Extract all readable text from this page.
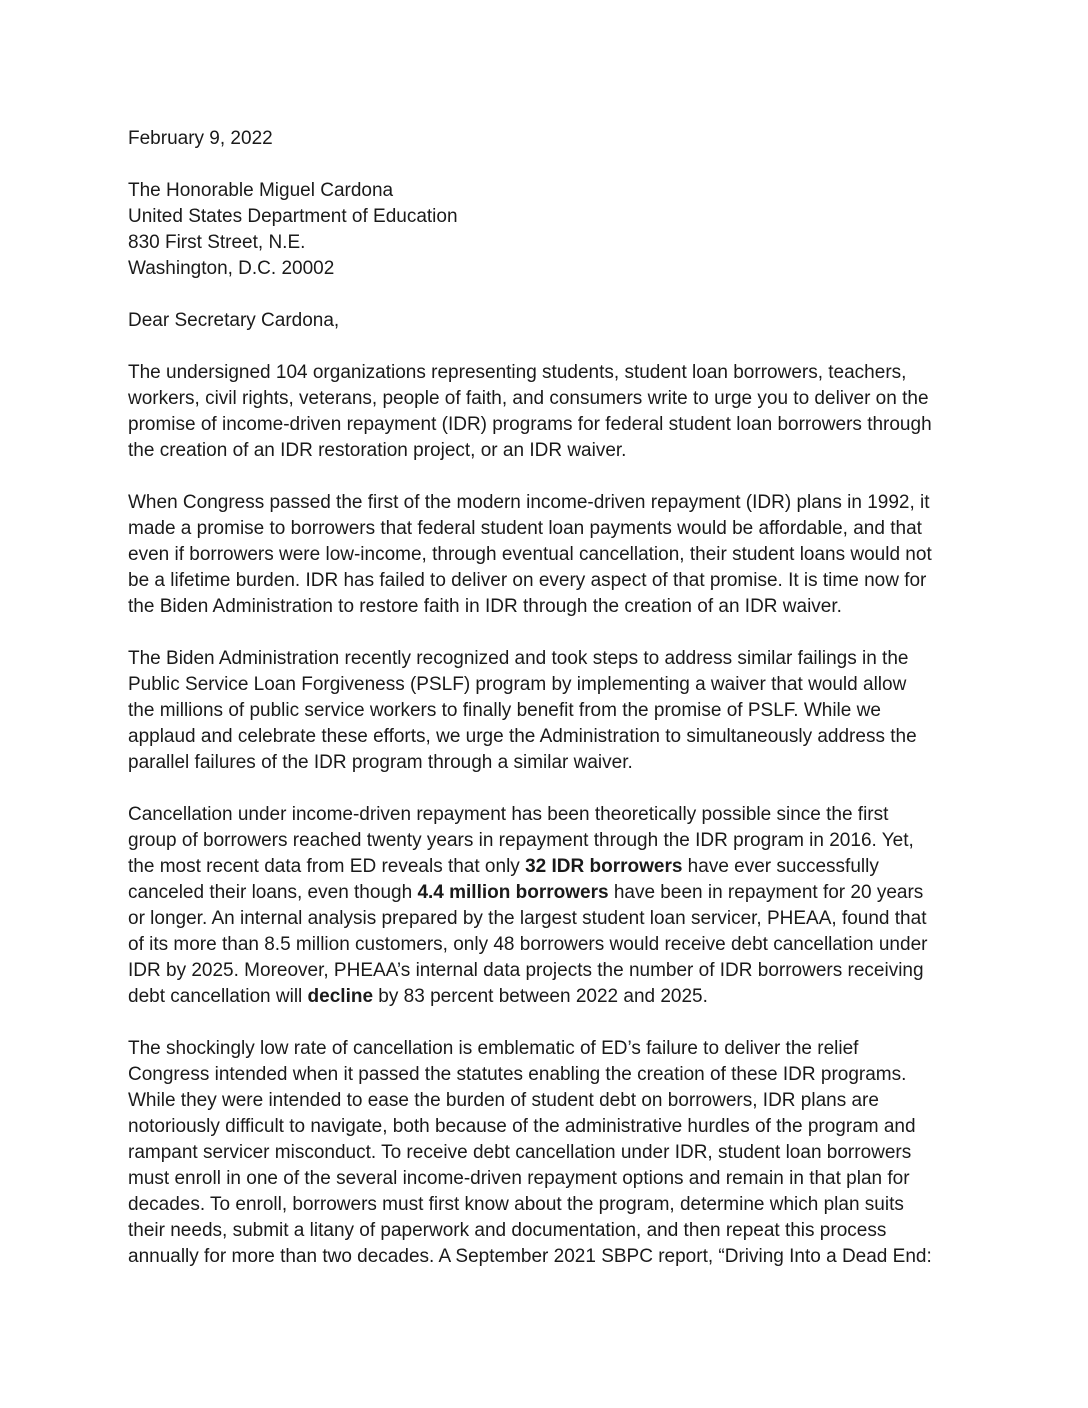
February 9, 2022
The Honorable Miguel Cardona
United States Department of Education
830 First Street, N.E.
Washington, D.C. 20002
Dear Secretary Cardona,
The undersigned 104 organizations representing students, student loan borrowers, teachers,
workers, civil rights, veterans, people of faith, and consumers write to urge you to deliver on the
promise of income-driven repayment (IDR) programs for federal student loan borrowers through
the creation of an IDR restoration project, or an IDR waiver.
When Congress passed the first of the modern income-driven repayment (IDR) plans in 1992, it
made a promise to borrowers that federal student loan payments would be affordable, and that
even if borrowers were low-income, through eventual cancellation, their student loans would not
be a lifetime burden. IDR has failed to deliver on every aspect of that promise. It is time now for
the Biden Administration to restore faith in IDR through the creation of an IDR waiver.
The Biden Administration recently recognized and took steps to address similar failings in the
Public Service Loan Forgiveness (PSLF) program by implementing a waiver that would allow
the millions of public service workers to finally benefit from the promise of PSLF. While we
applaud and celebrate these efforts, we urge the Administration to simultaneously address the
parallel failures of the IDR program through a similar waiver.
Cancellation under income-driven repayment has been theoretically possible since the first
group of borrowers reached twenty years in repayment through the IDR program in 2016. Yet,
the most recent data from ED reveals that only 32 IDR borrowers have ever successfully
canceled their loans, even though 4.4 million borrowers have been in repayment for 20 years
or longer. An internal analysis prepared by the largest student loan servicer, PHEAA, found that
of its more than 8.5 million customers, only 48 borrowers would receive debt cancellation under
IDR by 2025. Moreover, PHEAA’s internal data projects the number of IDR borrowers receiving
debt cancellation will decline by 83 percent between 2022 and 2025.
The shockingly low rate of cancellation is emblematic of ED’s failure to deliver the relief
Congress intended when it passed the statutes enabling the creation of these IDR programs.
While they were intended to ease the burden of student debt on borrowers, IDR plans are
notoriously difficult to navigate, both because of the administrative hurdles of the program and
rampant servicer misconduct. To receive debt cancellation under IDR, student loan borrowers
must enroll in one of the several income-driven repayment options and remain in that plan for
decades. To enroll, borrowers must first know about the program, determine which plan suits
their needs, submit a litany of paperwork and documentation, and then repeat this process
annually for more than two decades. A September 2021 SBPC report, “Driving Into a Dead End:
